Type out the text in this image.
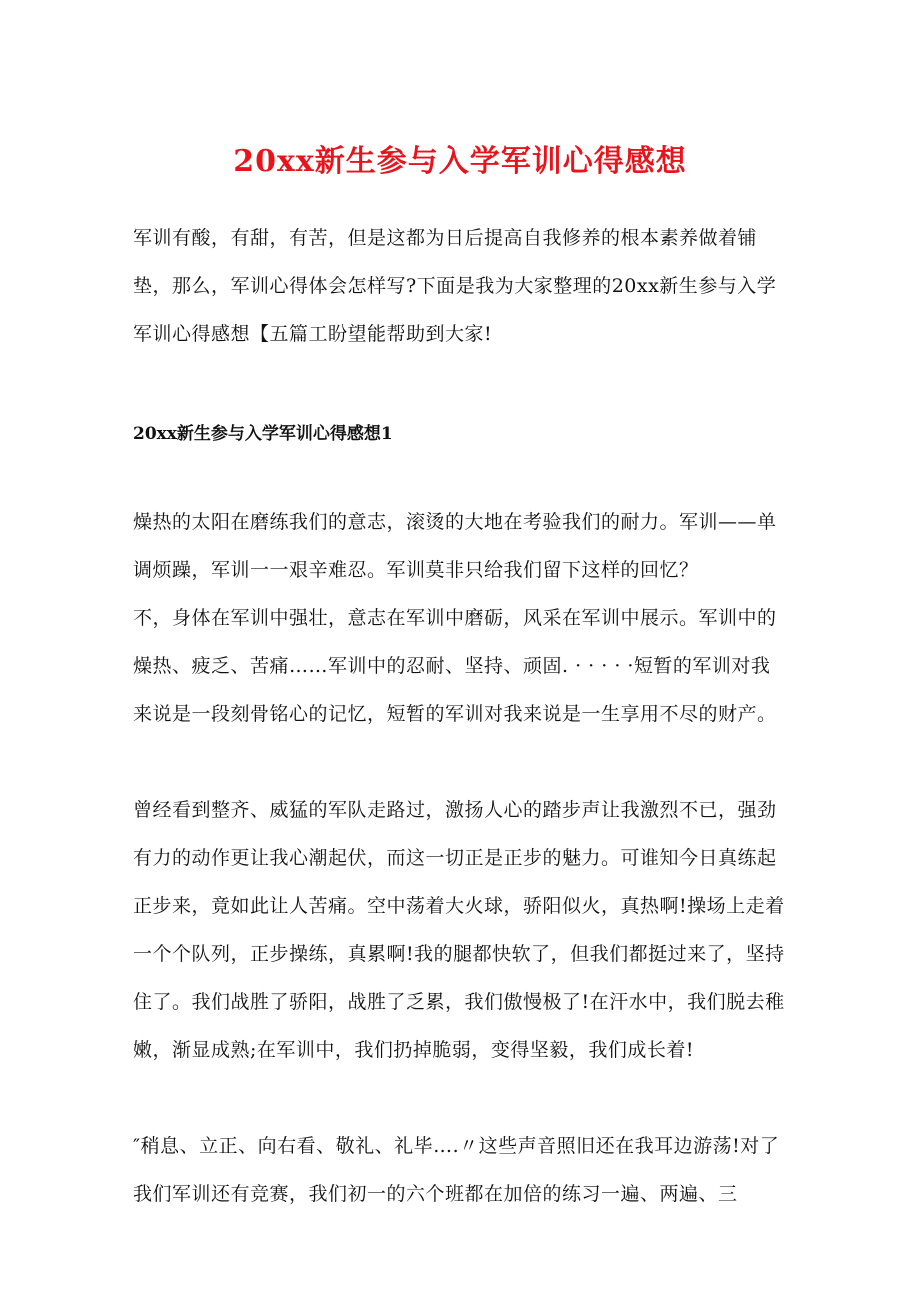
20xx新生参与入学军训心得感想

军训有酸，有甜，有苦，但是这都为日后提高自我修养的根本素养做着铺垫，那么，军训心得体会怎样写?下面是我为大家整理的20xx新生参与入学军训心得感想【五篇工盼望能帮助到大家!

20xx新生参与入学军训心得感想1

燥热的太阳在磨练我们的意志，滚烫的大地在考验我们的耐力。军训——单调烦躁，军训一一艰辛难忍。军训莫非只给我们留下这样的回忆？

不，身体在军训中强壮，意志在军训中磨砺，风采在军训中展示。军训中的燥热、疲乏、苦痛……军训中的忍耐、坚持、顽固. · · · · ·短暂的军训对我来说是一段刻骨铭心的记忆，短暂的军训对我来说是一生享用不尽的财产。

曾经看到整齐、威猛的军队走路过，激扬人心的踏步声让我激烈不已，强劲有力的动作更让我心潮起伏，而这一切正是正步的魅力。可谁知今日真练起正步来，竟如此让人苦痛。空中荡着大火球，骄阳似火，真热啊!操场上走着一个个队列，正步操练，真累啊!我的腿都快软了，但我们都挺过来了，坚持住了。我们战胜了骄阳，战胜了乏累，我们傲慢极了!在汗水中，我们脱去稚嫩，渐显成熟;在军训中，我们扔掉脆弱，变得坚毅，我们成长着!

″稍息、立正、向右看、敬礼、礼毕….〃这些声音照旧还在我耳边游荡!对了我们军训还有竞赛，我们初一的六个班都在加倍的练习一遍、两遍、三
